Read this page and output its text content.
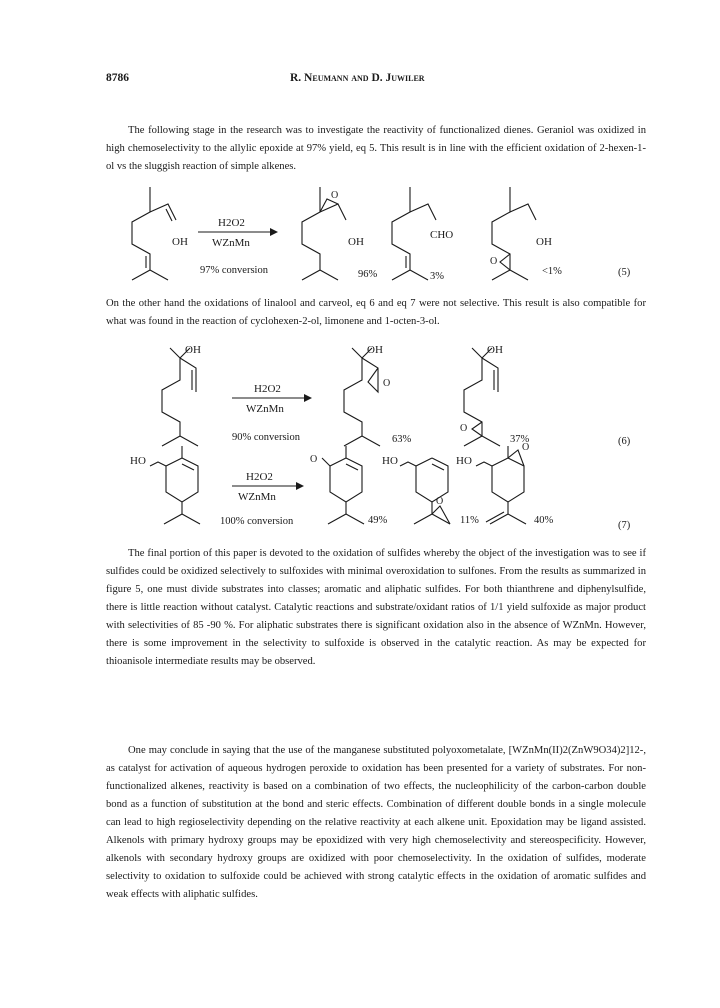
8786	R. Neumann and D. Juwiler

The following stage in the research was to investigate the reactivity of functionalized dienes. Geraniol was oxidized in high chemoselectivity to the allylic epoxide at 97% yield, eq 5. This result is in line with the efficient oxidation of 2-hexen-1-ol vs the sluggish reaction of simple alkenes.

OH
H2O2
WZnMn
97% conversion
O
OH
96%
CHO
3%
O
OH
<1%	(5)

On the other hand the oxidations of linalool and carveol, eq 6 and eq 7 were not selective. This result is also compatible for what was found in the reaction of cyclohexen-2-ol, limonene and 1-octen-3-ol.

OH
H2O2
WZnMn
90% conversion
OH
O
63%
OH
O
37%	(6)
HO
H2O2
WZnMn
100% conversion
O
49%
HO
O
11%
HO
O
40%	(7)

The final portion of this paper is devoted to the oxidation of sulfides whereby the object of the investigation was to see if sulfides could be oxidized selectively to sulfoxides with minimal overoxidation to sulfones. From the results as summarized in figure 5, one must divide substrates into classes; aromatic and aliphatic sulfides. For both thianthrene and diphenylsulfide, there is little reaction without catalyst. Catalytic reactions and substrate/oxidant ratios of 1/1 yield sulfoxide as major product with selectivities of 85 -90 %. For aliphatic substrates there is significant oxidation also in the absence of WZnMn. However, there is some improvement in the selectivity to sulfoxide is observed in the catalytic reaction. As may be expected for thioanisole intermediate results may be observed.

One may conclude in saying that the use of the manganese substituted polyoxometalate, [WZnMn(II)2(ZnW9O34)2]12-, as catalyst for activation of aqueous hydrogen peroxide to oxidation has been presented for a variety of substrates. For non-functionalized alkenes, reactivity is based on a combination of two effects, the nucleophilicity of the carbon-carbon double bond as a function of substitution at the bond and steric effects. Combination of different double bonds in a single molecule can lead to high regioselectivity depending on the relative reactivity at each alkene unit. Epoxidation may be ligand assisted. Alkenols with primary hydroxy groups may be epoxidized with very high chemoselectivity and stereospecificity. However, alkenols with secondary hydroxy groups are oxidized with poor chemoselectivity. In the oxidation of sulfides, moderate selectivity to oxidation to sulfoxide could be achieved with strong catalytic effects in the oxidation of aromatic sulfides and weak effects with aliphatic sulfides.
